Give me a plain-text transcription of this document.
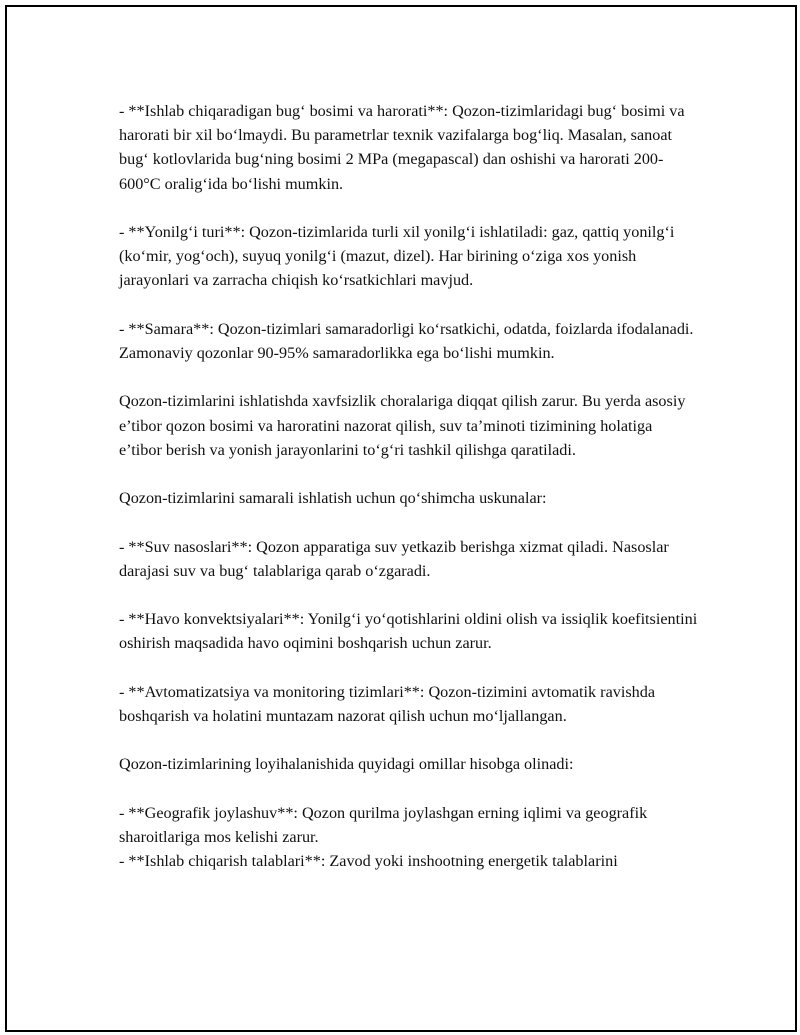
- **Ishlab chiqaradigan bug‘ bosimi va harorati**: Qozon-tizimlaridagi bug‘ bosimi va harorati bir xil bo‘lmaydi. Bu parametrlar texnik vazifalarga bog‘liq. Masalan, sanoat bug‘ kotlovlarida bug‘ning bosimi 2 MPa (megapascal) dan oshishi va harorati 200-600°C oralig‘ida bo‘lishi mumkin.

- **Yonilg‘i turi**: Qozon-tizimlarida turli xil yonilg‘i ishlatiladi: gaz, qattiq yonilg‘i (ko‘mir, yog‘och), suyuq yonilg‘i (mazut, dizel). Har birining o‘ziga xos yonish jarayonlari va zarracha chiqish ko‘rsatkichlari mavjud.

- **Samara**: Qozon-tizimlari samaradorligi ko‘rsatkichi, odatda, foizlarda ifodalanadi. Zamonaviy qozonlar 90-95% samaradorlikka ega bo‘lishi mumkin.

Qozon-tizimlarini ishlatishda xavfsizlik choralariga diqqat qilish zarur. Bu yerda asosiy e’tibor qozon bosimi va haroratini nazorat qilish, suv ta’minoti tizimining holatiga e’tibor berish va yonish jarayonlarini to‘g‘ri tashkil qilishga qaratiladi.

Qozon-tizimlarini samarali ishlatish uchun qo‘shimcha uskunalar:

- **Suv nasoslari**: Qozon apparatiga suv yetkazib berishga xizmat qiladi. Nasoslar darajasi suv va bug‘ talablariga qarab o‘zgaradi.

- **Havo konvektsiyalari**: Yonilg‘i yo‘qotishlarini oldini olish va issiqlik koefitsientini oshirish maqsadida havo oqimini boshqarish uchun zarur.

- **Avtomatizatsiya va monitoring tizimlari**: Qozon-tizimini avtomatik ravishda boshqarish va holatini muntazam nazorat qilish uchun mo‘ljallangan.

Qozon-tizimlarining loyihalanishida quyidagi omillar hisobga olinadi:

- **Geografik joylashuv**: Qozon qurilma joylashgan erning iqlimi va geografik sharoitlariga mos kelishi zarur.

- **Ishlab chiqarish talablari**: Zavod yoki inshootning energetik talablarini
